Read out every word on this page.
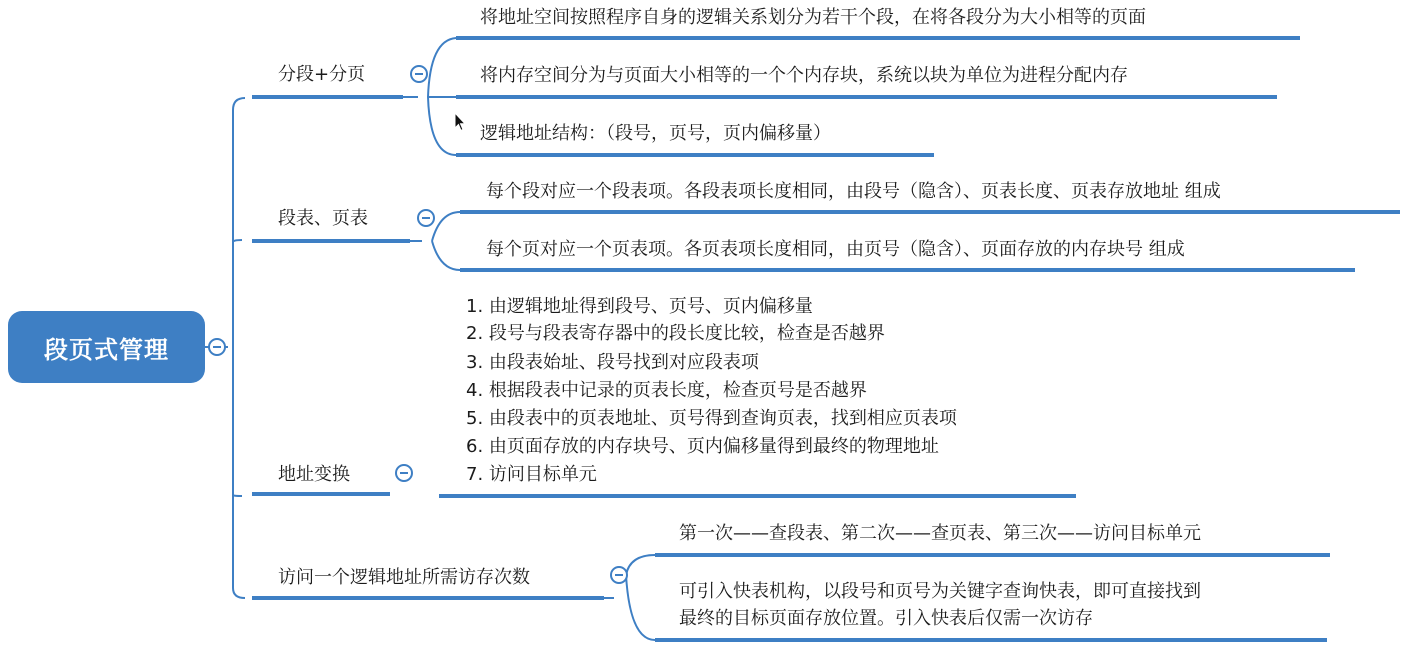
段页式管理
分段+分页
将地址空间按照程序自身的逻辑关系划分为若干个段，在将各段分为大小相等的页面
将内存空间分为与页面大小相等的一个个内存块，系统以块为单位为进程分配内存
逻辑地址结构：（段号，页号，页内偏移量）
段表、页表
每个段对应一个段表项。各段表项长度相同，由段号（隐含）、页表长度、页表存放地址 组成
每个页对应一个页表项。各页表项长度相同，由页号（隐含）、页面存放的内存块号 组成
地址变换
1. 由逻辑地址得到段号、页号、页内偏移量
2. 段号与段表寄存器中的段长度比较，检查是否越界
3. 由段表始址、段号找到对应段表项
4. 根据段表中记录的页表长度，检查页号是否越界
5. 由段表中的页表地址、页号得到查询页表，找到相应页表项
6. 由页面存放的内存块号、页内偏移量得到最终的物理地址
7. 访问目标单元
访问一个逻辑地址所需访存次数
第一次——查段表、第二次——查页表、第三次——访问目标单元
可引入快表机构，以段号和页号为关键字查询快表，即可直接找到
最终的目标页面存放位置。引入快表后仅需一次访存
